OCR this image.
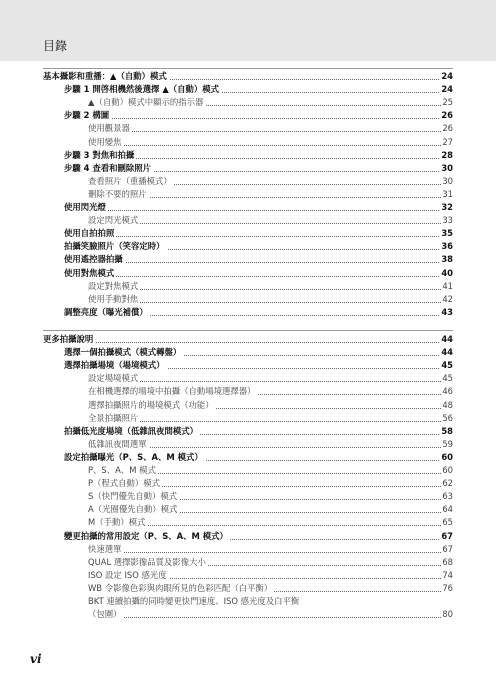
目錄
基本攝影和重播：▲（自動）模式	24
步驟 1 開啓相機然後選擇 ▲（自動）模式	24
▲（自動）模式中顯示的指示器	25
步驟 2 構圖	26
使用觀景器	26
使用變焦	27
步驟 3 對焦和拍攝	28
步驟 4 查看和刪除照片	30
查看照片（重播模式）	30
刪除不要的照片	31
使用閃光燈	32
設定閃光模式	33
使用自拍拍照	35
拍攝笑臉照片（笑容定時）	36
使用遙控器拍攝	38
使用對焦模式	40
設定對焦模式	41
使用手動對焦	42
調整亮度（曝光補償）	43
更多拍攝說明	44
選擇一個拍攝模式（模式轉盤）	44
選擇拍攝場境（場境模式）	45
設定場境模式	45
在相機選擇的場境中拍攝（自動場境選擇器）	46
選擇拍攝照片的場境模式（功能）	48
全景拍攝照片	56
拍攝低光度場境（低雜訊夜間模式）	58
低雜訊夜間選單	59
設定拍攝曝光（P、S、A、M 模式）	60
P、S、A、M 模式	60
P（程式自動）模式	62
S（快門優先自動）模式	63
A（光圈優先自動）模式	64
M（手動）模式	65
變更拍攝的常用設定（P、S、A、M 模式）	67
快速選單	67
QUAL 選擇影像品質及影像大小	68
ISO 設定 ISO 感光度	74
WB 令影像色彩與肉眼所見的色彩匹配（白平衡）	76
BKT 連續拍攝的同時變更快門速度、ISO 感光度及白平衡
（包圍）	80
vi
